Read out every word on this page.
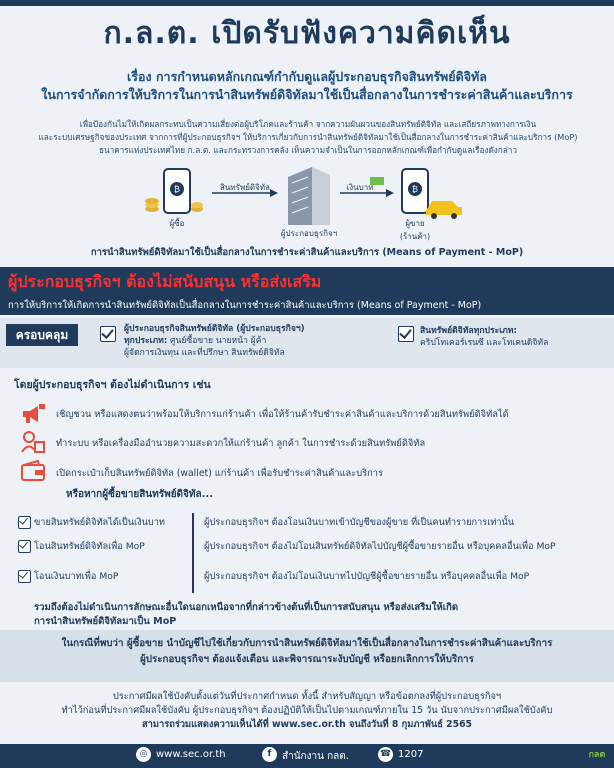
ก.ล.ต. เปิดรับฟังความคิดเห็น
เรื่อง การกำหนดหลักเกณฑ์กำกับดูแลผู้ประกอบธุรกิจสินทรัพย์ดิจิทัล
ในการจำกัดการให้บริการในการนำสินทรัพย์ดิจิทัลมาใช้เป็นสื่อกลางในการชำระค่าสินค้าและบริการ
เพื่อป้องกันไม่ให้เกิดผลกระทบเป็นความเสี่ยงต่อผู้บริโภคและร้านค้า จากความผันผวนของสินทรัพย์ดิจิทัล และเสถียรภาพทางการเงิน
และระบบเศรษฐกิจของประเทศ จากการที่ผู้ประกอบธุรกิจฯ ให้บริการเกี่ยวกับการนำสินทรัพย์ดิจิทัลมาใช้เป็นสื่อกลางในการชำระค่าสินค้าและบริการ (MoP)
ธนาคารแห่งประเทศไทย ก.ล.ต. และกระทรวงการคลัง เห็นความจำเป็นในการออกหลักเกณฑ์เพื่อกำกับดูแลเรื่องดังกล่าว
₿	₿
ผู้ซื้อ
สินทรัพย์ดิจิทัล
ผู้ประกอบธุรกิจฯ
เงินบาท
ผู้ขาย
(ร้านค้า)
การนำสินทรัพย์ดิจิทัลมาใช้เป็นสื่อกลางในการชำระค่าสินค้าและบริการ (Means of Payment - MoP)
ผู้ประกอบธุรกิจฯ ต้องไม่สนับสนุน หรือส่งเสริม
การให้บริการให้เกิดการนำสินทรัพย์ดิจิทัลเป็นสื่อกลางในการชำระค่าสินค้าและบริการ (Means of Payment - MoP)
ครอบคลุม	ผู้ประกอบธุรกิจสินทรัพย์ดิจิทัล (ผู้ประกอบธุรกิจฯ)
ทุกประเภท: ศูนย์ซื้อขาย นายหน้า ผู้ค้า
ผู้จัดการเงินทุน และที่ปรึกษา สินทรัพย์ดิจิทัล
สินทรัพย์ดิจิทัลทุกประเภท:
คริปโทเคอร์เรนซี และโทเคนดิจิทัล
โดยผู้ประกอบธุรกิจฯ ต้องไม่ดำเนินการ เช่น
เชิญชวน หรือแสดงตนว่าพร้อมให้บริการแก่ร้านค้า เพื่อให้ร้านค้ารับชำระค่าสินค้าและบริการด้วยสินทรัพย์ดิจิทัลได้
ทำระบบ หรือเครื่องมืออำนวยความสะดวกให้แก่ร้านค้า ลูกค้า ในการชำระด้วยสินทรัพย์ดิจิทัล
เปิดกระเป๋าเก็บสินทรัพย์ดิจิทัล (wallet) แก่ร้านค้า เพื่อรับชำระค่าสินค้าและบริการ
หรือหากผู้ซื้อขายสินทรัพย์ดิจิทัล...
ขายสินทรัพย์ดิจิทัลได้เป็นเงินบาท	ผู้ประกอบธุรกิจฯ ต้องโอนเงินบาทเข้าบัญชีของผู้ขาย ที่เป็นคนทำรายการเท่านั้น
โอนสินทรัพย์ดิจิทัลเพื่อ MoP	ผู้ประกอบธุรกิจฯ ต้องไม่โอนสินทรัพย์ดิจิทัลไปบัญชีผู้ซื้อขายรายอื่น หรือบุคคลอื่นเพื่อ MoP
โอนเงินบาทเพื่อ MoP	ผู้ประกอบธุรกิจฯ ต้องไม่โอนเงินบาทไปบัญชีผู้ซื้อขายรายอื่น หรือบุคคลอื่นเพื่อ MoP
รวมถึงต้องไม่ดำเนินการลักษณะอื่นใดนอกเหนือจากที่กล่าวข้างต้นที่เป็นการสนับสนุน หรือส่งเสริมให้เกิด
การนำสินทรัพย์ดิจิทัลมาเป็น MoP
ในกรณีที่พบว่า ผู้ซื้อขาย นำบัญชีไปใช้เกี่ยวกับการนำสินทรัพย์ดิจิทัลมาใช้เป็นสื่อกลางในการชำระค่าสินค้าและบริการ
ผู้ประกอบธุรกิจฯ ต้องแจ้งเตือน และพิจารณาระงับบัญชี หรือยกเลิกการให้บริการ
ประกาศมีผลใช้บังคับตั้งแต่วันที่ประกาศกำหนด ทั้งนี้ สำหรับสัญญา หรือข้อตกลงที่ผู้ประกอบธุรกิจฯ
ทำไว้ก่อนที่ประกาศมีผลใช้บังคับ ผู้ประกอบธุรกิจฯ ต้องปฏิบัติให้เป็นไปตามเกณฑ์ภายใน 15 วัน นับจากประกาศมีผลใช้บังคับ
สามารถร่วมแสดงความเห็นได้ที่ www.sec.or.th จนถึงวันที่ 8 กุมภาพันธ์ 2565
◎ www.sec.or.th	f	สำนักงาน กลต.	☎ 1207	กลต
